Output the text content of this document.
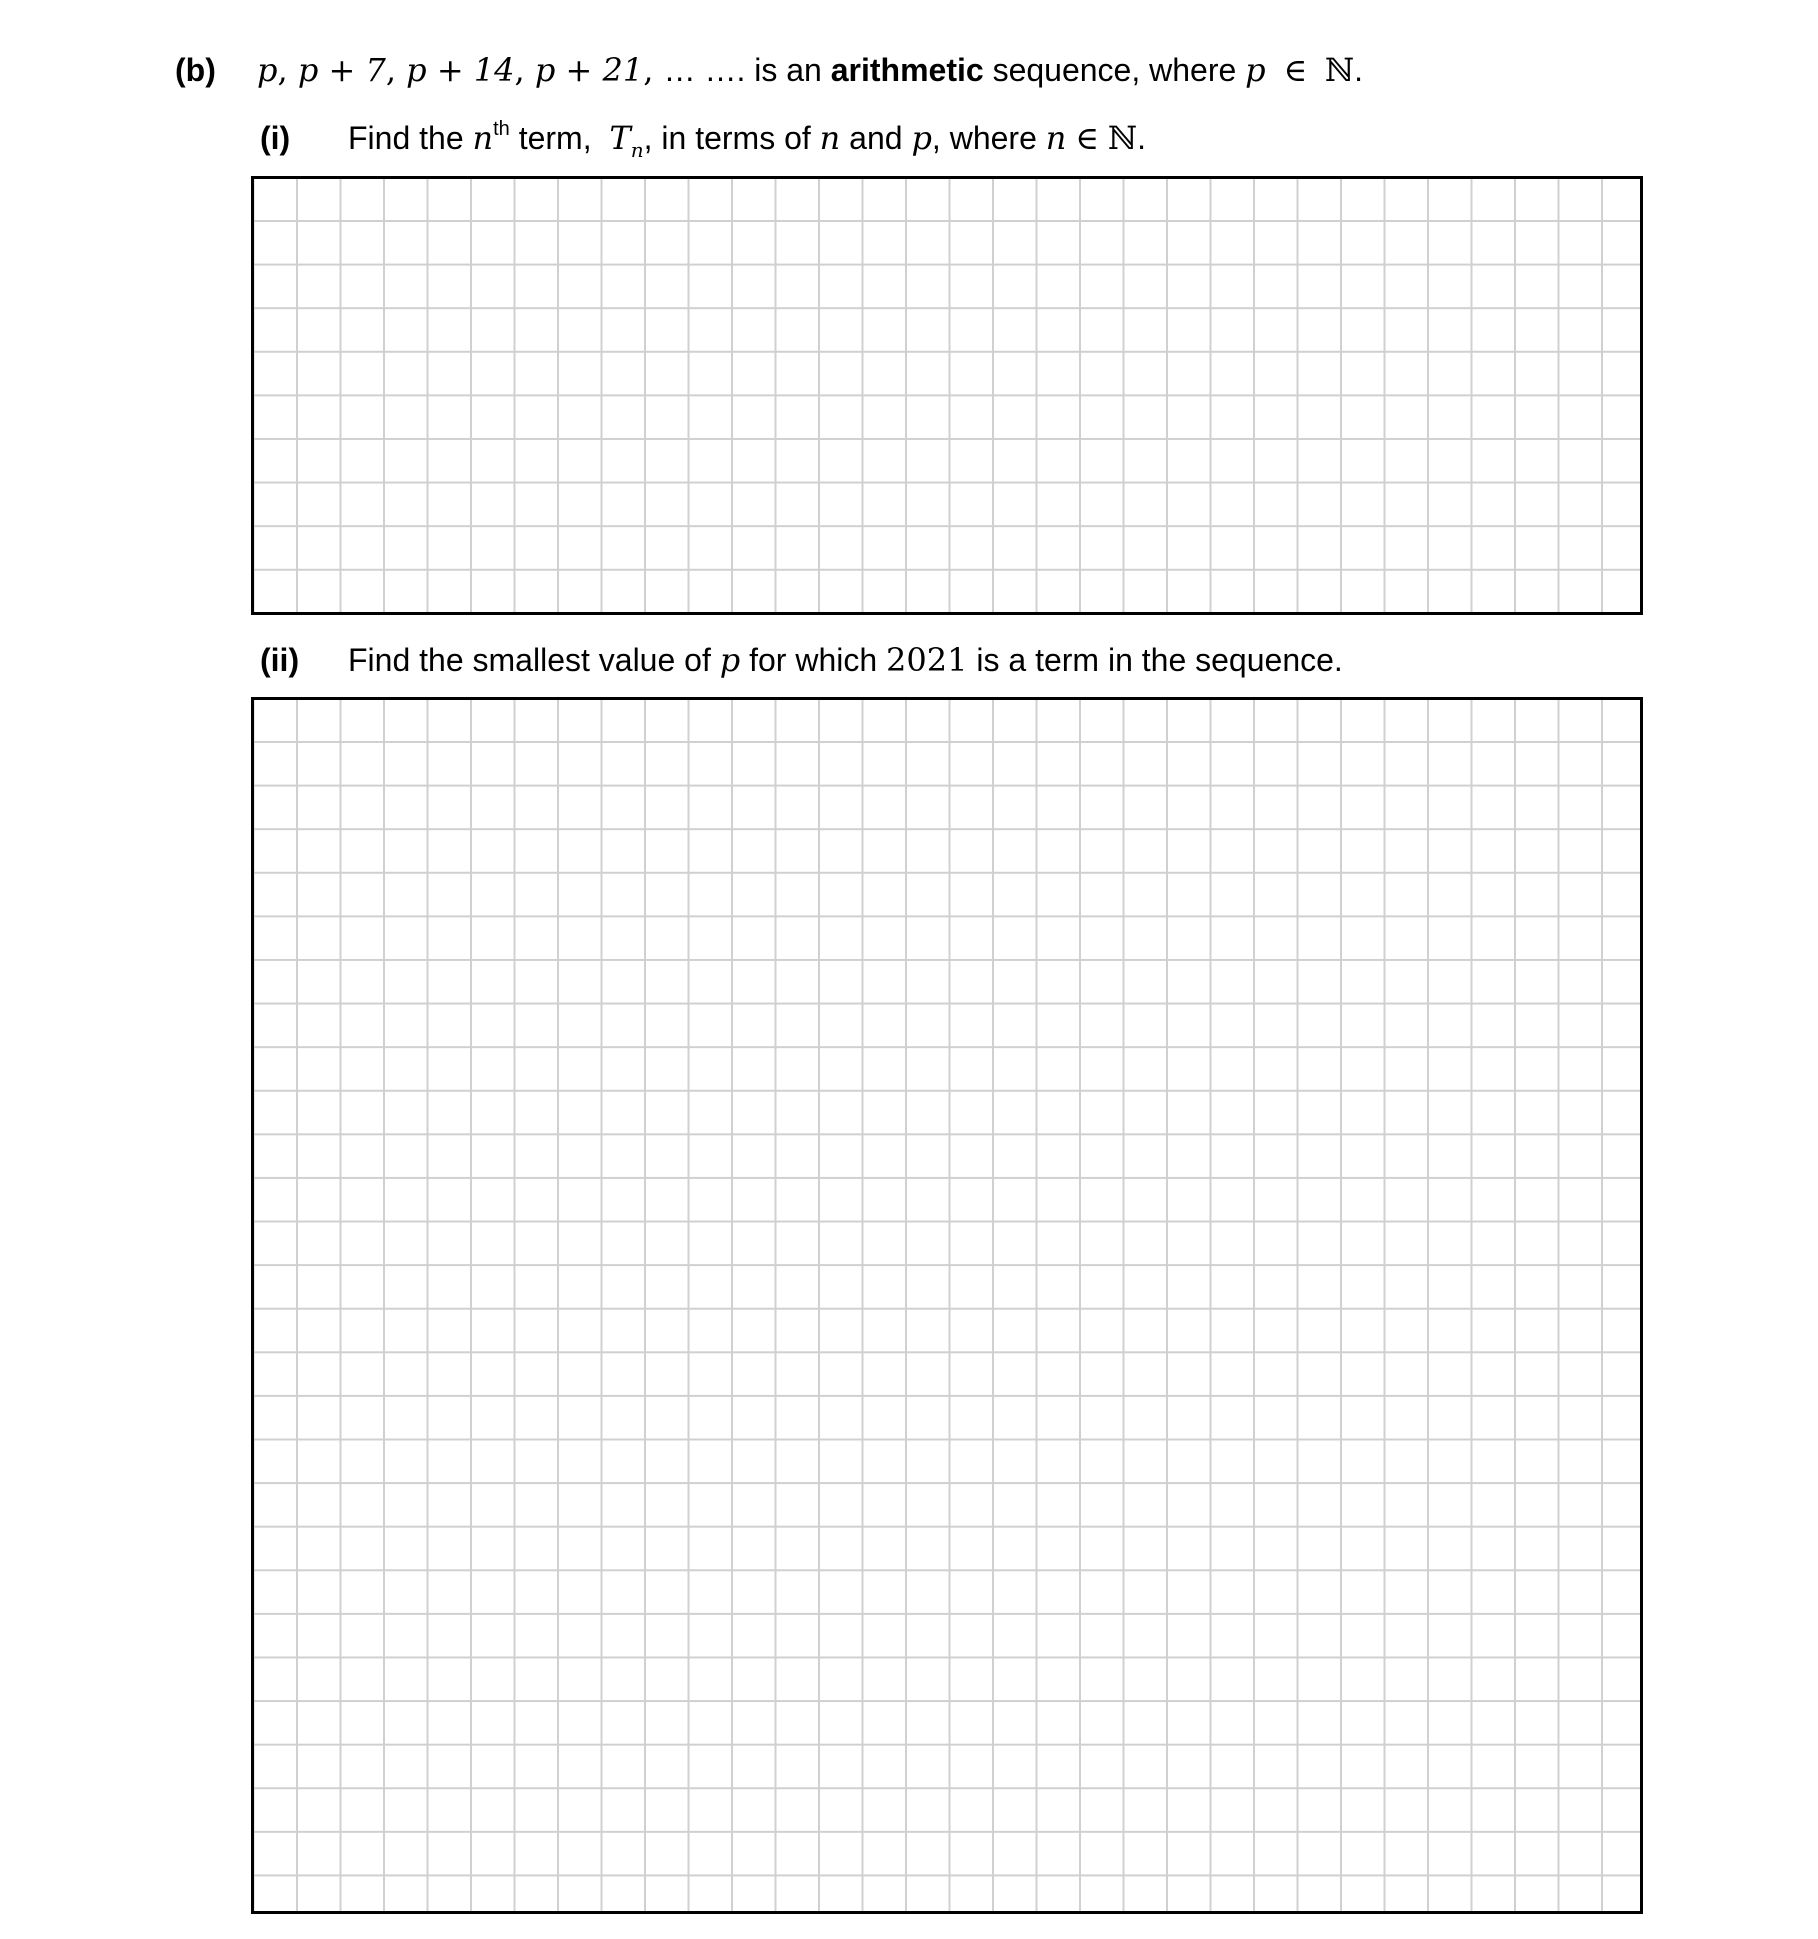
(b) p, p + 7, p + 14, p + 21, … …. is an arithmetic sequence, where p ∈ ℕ.
(i) Find the $n^{th}$ term,  $T_n$, in terms of n and p, where n ∈ ℕ.
(ii) Find the smallest value of p for which 2021 is a term in the sequence.
